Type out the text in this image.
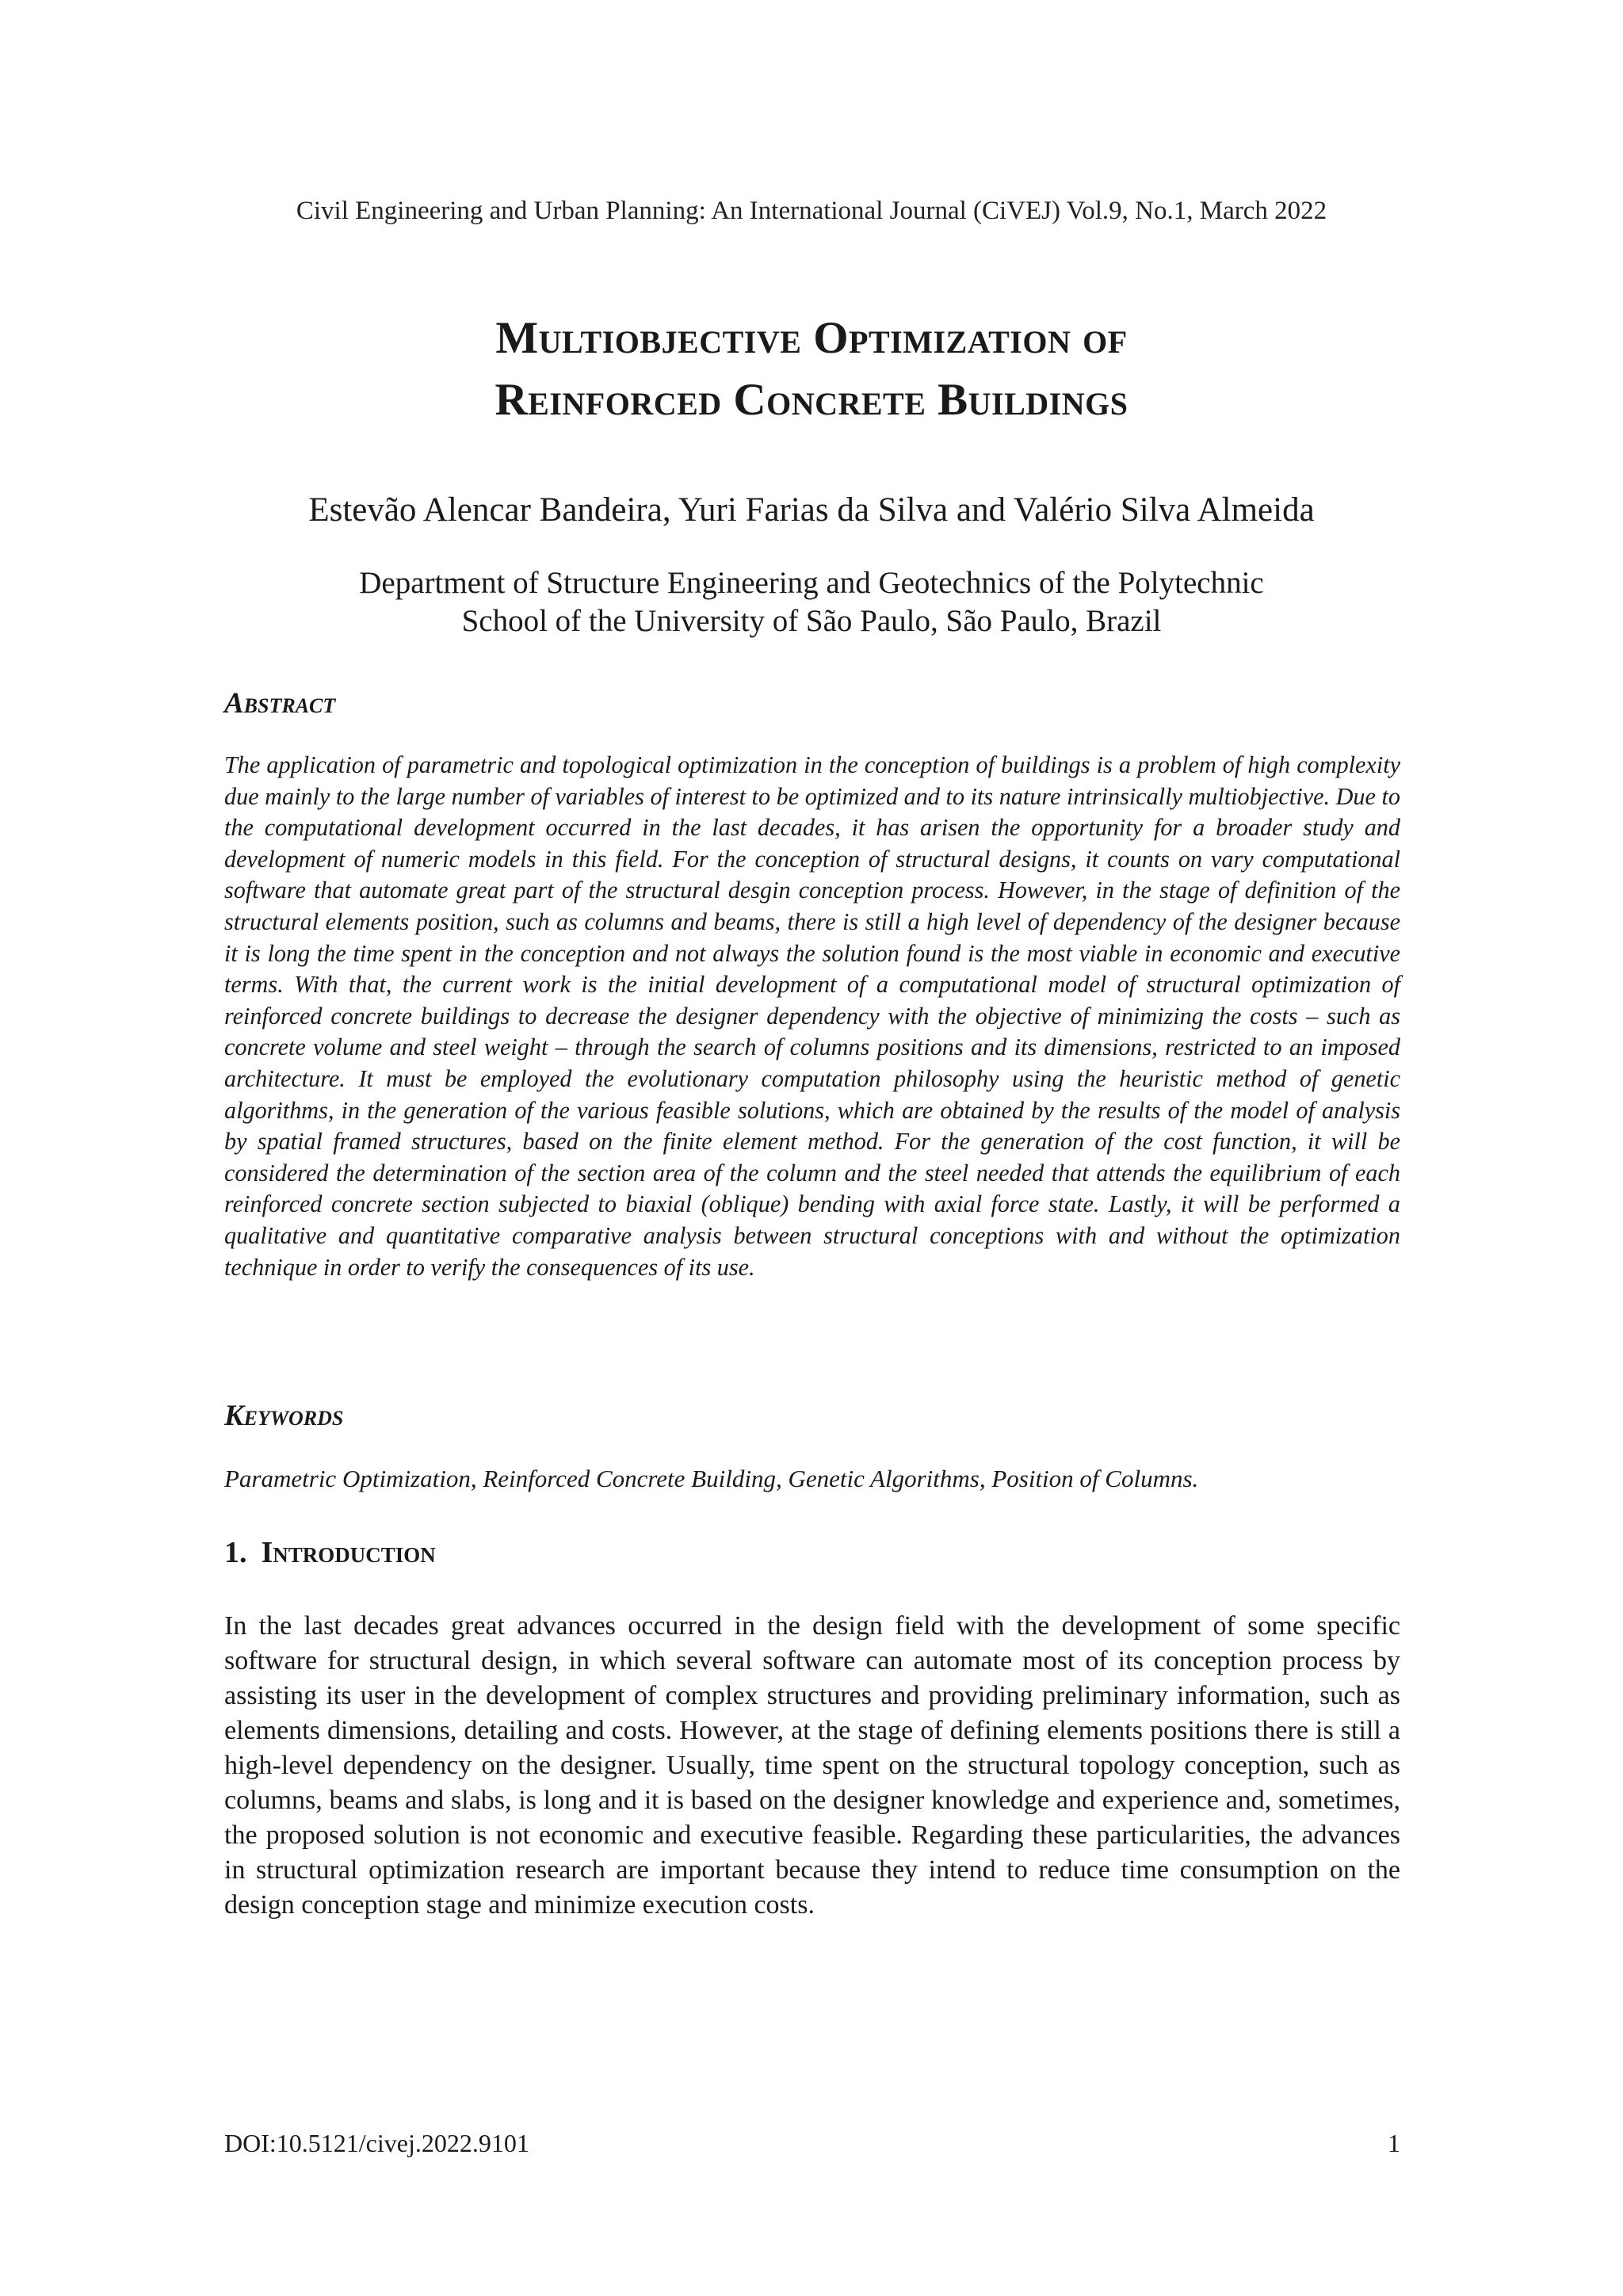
Civil Engineering and Urban Planning: An International Journal (CiVEJ) Vol.9, No.1, March 2022
Multiobjective Optimization of
Reinforced Concrete Buildings
Estevão Alencar Bandeira, Yuri Farias da Silva and Valério Silva Almeida
Department of Structure Engineering and Geotechnics of the Polytechnic
School of the University of São Paulo, São Paulo, Brazil
Abstract
The application of parametric and topological optimization in the conception of buildings is a problem of high complexity due mainly to the large number of variables of interest to be optimized and to its nature intrinsically multiobjective. Due to the computational development occurred in the last decades, it has arisen the opportunity for a broader study and development of numeric models in this field. For the conception of structural designs, it counts on vary computational software that automate great part of the structural desgin conception process. However, in the stage of definition of the structural elements position, such as columns and beams, there is still a high level of dependency of the designer because it is long the time spent in the conception and not always the solution found is the most viable in economic and executive terms. With that, the current work is the initial development of a computational model of structural optimization of reinforced concrete buildings to decrease the designer dependency with the objective of minimizing the costs – such as concrete volume and steel weight – through the search of columns positions and its dimensions, restricted to an imposed architecture. It must be employed the evolutionary computation philosophy using the heuristic method of genetic algorithms, in the generation of the various feasible solutions, which are obtained by the results of the model of analysis by spatial framed structures, based on the finite element method. For the generation of the cost function, it will be considered the determination of the section area of the column and the steel needed that attends the equilibrium of each reinforced concrete section subjected to biaxial (oblique) bending with axial force state. Lastly, it will be performed a qualitative and quantitative comparative analysis between structural conceptions with and without the optimization technique in order to verify the consequences of its use.
Keywords
Parametric Optimization, Reinforced Concrete Building, Genetic Algorithms, Position of Columns.
1. Introduction
In the last decades great advances occurred in the design field with the development of some specific software for structural design, in which several software can automate most of its conception process by assisting its user in the development of complex structures and providing preliminary information, such as elements dimensions, detailing and costs. However, at the stage of defining elements positions there is still a high-level dependency on the designer. Usually, time spent on the structural topology conception, such as columns, beams and slabs, is long and it is based on the designer knowledge and experience and, sometimes, the proposed solution is not economic and executive feasible. Regarding these particularities, the advances in structural optimization research are important because they intend to reduce time consumption on the design conception stage and minimize execution costs.
DOI:10.5121/civej.2022.9101	1
